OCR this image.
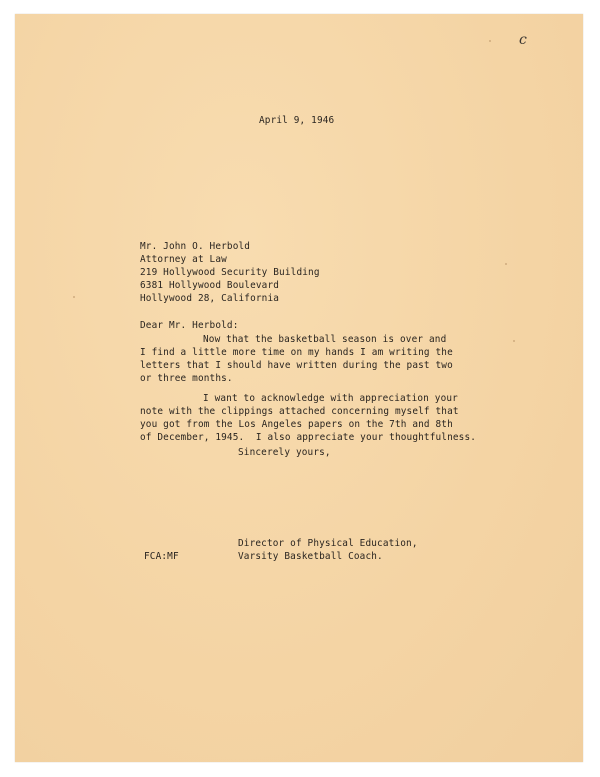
c
April 9, 1946
Mr. John O. Herbold
Attorney at Law
219 Hollywood Security Building
6381 Hollywood Boulevard
Hollywood 28, California
Dear Mr. Herbold:
Now that the basketball season is over and
I find a little more time on my hands I am writing the
letters that I should have written during the past two
or three months.
I want to acknowledge with appreciation your
note with the clippings attached concerning myself that
you got from the Los Angeles papers on the 7th and 8th
of December, 1945.  I also appreciate your thoughtfulness.
Sincerely yours,
Director of Physical Education,
Varsity Basketball Coach.
FCA:MF
